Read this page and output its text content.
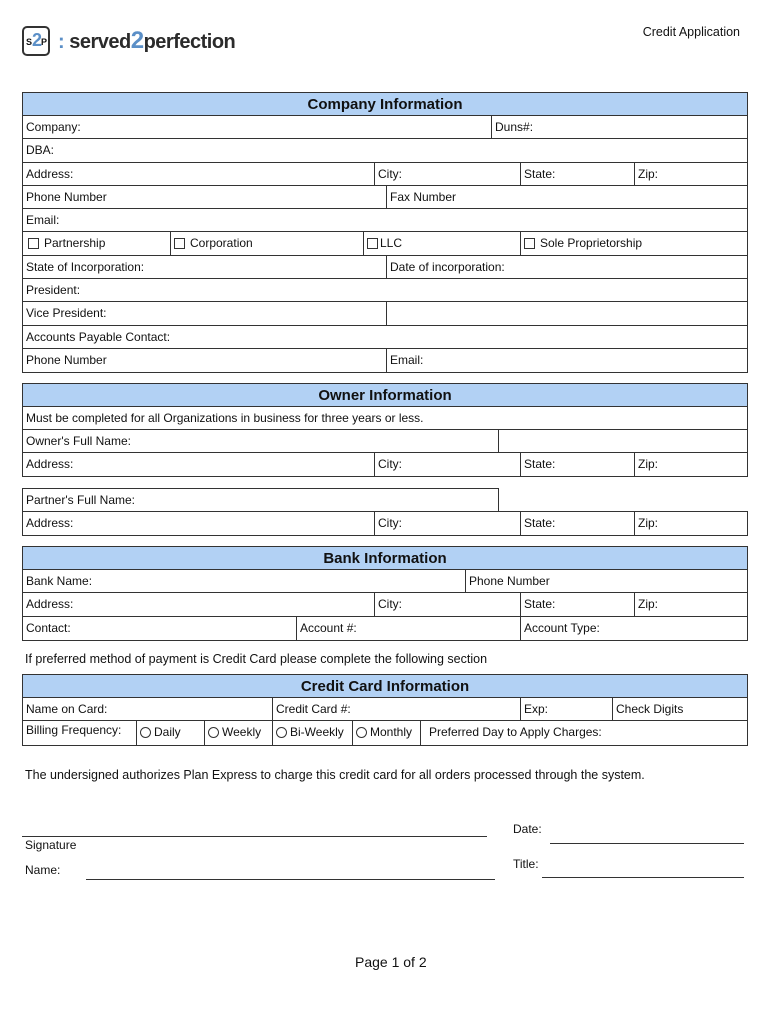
S 2
P : served2perfection	Credit Application
Company Information
Company:	Duns#:
DBA:
Address:	City:	State:	Zip:
Phone Number	Fax Number
Email:
Partnership	Corporation	LLC	Sole Proprietorship
State of Incorporation:	Date of incorporation:
President:
Vice President:
Accounts Payable Contact:
Phone Number	Email:
Owner Information
Must be completed for all Organizations in business for three years or less.
Owner's Full Name:
Address:	City:	State:	Zip:
Partner's Full Name:
Address:	City:	State:	Zip:
Bank Information
Bank Name:	Phone Number
Address:	City:	State:	Zip:
Contact:	Account #:	Account Type:
If preferred method of payment is Credit Card please complete the following section
Credit Card Information
Name on Card:	Credit Card #:	Exp:	Check Digits
Billing Frequency:	Daily	Weekly	Bi-Weekly	Monthly	Preferred Day to Apply Charges:
The undersigned authorizes Plan Express to charge this credit card for all orders processed through the system.
Date:
Signature
Title:
Name:
Page 1 of 2
